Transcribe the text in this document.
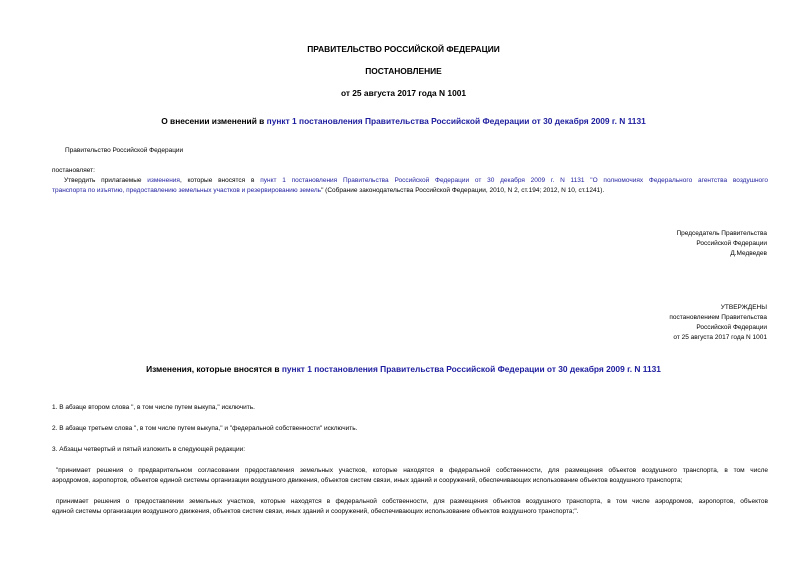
ПРАВИТЕЛЬСТВО РОССИЙСКОЙ ФЕДЕРАЦИИ
ПОСТАНОВЛЕНИЕ
от 25 августа 2017 года N 1001
О внесении изменений в пункт 1 постановления Правительства Российской Федерации от 30 декабря 2009 г. N 1131
Правительство Российской Федерации
постановляет:

Утвердить прилагаемые изменения, которые вносятся в пункт 1 постановления Правительства Российской Федерации от 30 декабря 2009 г. N 1131 "О полномочиях Федерального агентства воздушного

транспорта по изъятию, предоставлению земельных участков и резервированию земель" (Собрание законодательства Российской Федерации, 2010, N 2, ст.194; 2012, N 10, ст.1241).

Председатель Правительства
Российской Федерации
Д.Медведев
УТВЕРЖДЕНЫ
постановлением Правительства
Российской Федерации
от 25 августа 2017 года N 1001
Изменения, которые вносятся в пункт 1 постановления Правительства Российской Федерации от 30 декабря 2009 г. N 1131
1. В абзаце втором слова ", в том числе путем выкупа," исключить.
2. В абзаце третьем слова ", в том числе путем выкупа," и "федеральной собственности" исключить.
3. Абзацы четвертый и пятый изложить в следующей редакции:

"принимает решения о предварительном согласовании предоставления земельных участков, которые находятся в федеральной собственности, для размещения объектов воздушного транспорта, в том числе

аэродромов, аэропортов, объектов единой системы организации воздушного движения, объектов систем связи, иных зданий и сооружений, обеспечивающих использование объектов воздушного транспорта;

принимает решения о предоставлении земельных участков, которые находятся в федеральной собственности, для размещения объектов воздушного транспорта, в том числе аэродромов, аэропортов, объектов

единой системы организации воздушного движения, объектов систем связи, иных зданий и сооружений, обеспечивающих использование объектов воздушного транспорта;".
